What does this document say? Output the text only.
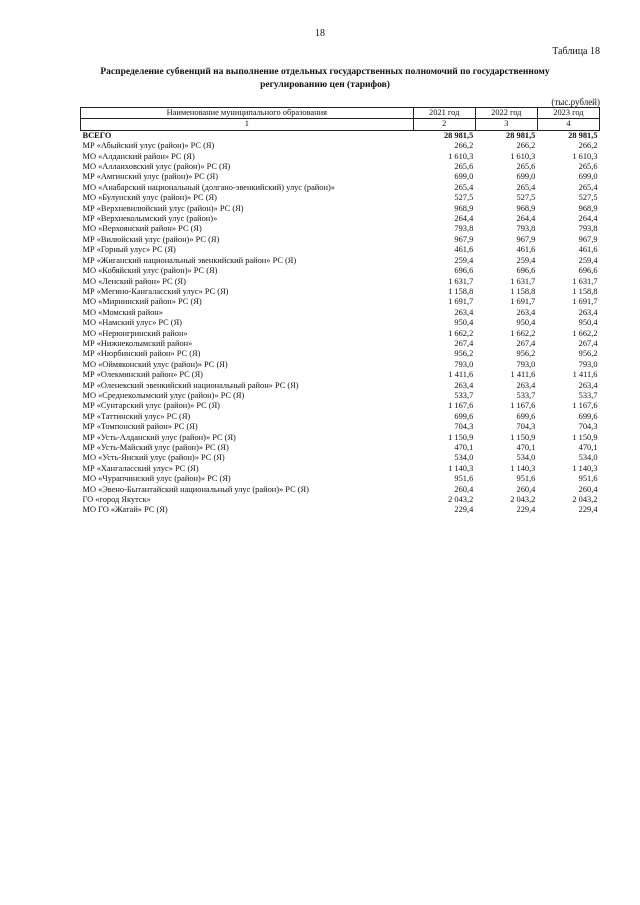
18
Таблица 18
Распределение субвенций на выполнение отдельных государственных полномочий по государственному регулированию цен (тарифов)
(тыс.рублей)
Наименование муниципального образования	2021 год	2022 год	2023 год
1	2	3	4
ВСЕГО	28 981,5	28 981,5	28 981,5
МР «Абыйский улус (район)» РС (Я)	266,2	266,2	266,2
МО «Алданский район» РС (Я)	1 610,3	1 610,3	1 610,3
МО «Аллаиховский улус (район)» РС (Я)	265,6	265,6	265,6
МР «Амгинский улус (район)» РС (Я)	699,0	699,0	699,0
МО «Анабарский национальный (долгано-эвенкийский) улус (район)»	265,4	265,4	265,4
МО «Булунский улус (район)» РС (Я)	527,5	527,5	527,5
МР «Верхневилюйский улус (район)» РС (Я)	968,9	968,9	968,9
МР «Верхнеколымский улус (район)»	264,4	264,4	264,4
МО «Верхоянский район» РС (Я)	793,8	793,8	793,8
МР «Вилюйский улус (район)» РС (Я)	967,9	967,9	967,9
МР «Горный улус» РС (Я)	461,6	461,6	461,6
МР «Жиганский национальный эвенкийский район» РС (Я)	259,4	259,4	259,4
МО «Кобяйский улус (район)» РС (Я)	696,6	696,6	696,6
МО «Ленский район» РС (Я)	1 631,7	1 631,7	1 631,7
МР «Мегино-Кангаласский улус» РС (Я)	1 158,8	1 158,8	1 158,8
МО «Мирнинский район» РС (Я)	1 691,7	1 691,7	1 691,7
МО «Момский район»	263,4	263,4	263,4
МО «Намский улус» РС (Я)	950,4	950,4	950,4
МО «Нерюнгринский район»	1 662,2	1 662,2	1 662,2
МР «Нижнеколымский район»	267,4	267,4	267,4
МР «Нюрбинский район» РС (Я)	956,2	956,2	956,2
МО «Оймяконский улус (район)» РС (Я)	793,0	793,0	793,0
МР «Олекминский район» РС (Я)	1 411,6	1 411,6	1 411,6
МР «Оленекский эвенкийский национальный район» РС (Я)	263,4	263,4	263,4
МО «Среднеколымский улус (район)» РС (Я)	533,7	533,7	533,7
МР «Сунтарский улус (район)» РС (Я)	1 167,6	1 167,6	1 167,6
МР «Таттинский улус» РС (Я)	699,6	699,6	699,6
МР «Томпонский район» РС (Я)	704,3	704,3	704,3
МР «Усть-Алданский улус (район)» РС (Я)	1 150,9	1 150,9	1 150,9
МР «Усть-Майский улус (район)» РС (Я)	470,1	470,1	470,1
МО «Усть-Янский улус (район)» РС (Я)	534,0	534,0	534,0
МР «Хангаласский улус» РС (Я)	1 140,3	1 140,3	1 140,3
МО «Чурапчинский улус (район)» РС (Я)	951,6	951,6	951,6
МО «Эвено-Бытантайский национальный улус (район)» РС (Я)	260,4	260,4	260,4
ГО «город Якутск»	2 043,2	2 043,2	2 043,2
МО ГО «Жатай» РС (Я)	229,4	229,4	229,4
